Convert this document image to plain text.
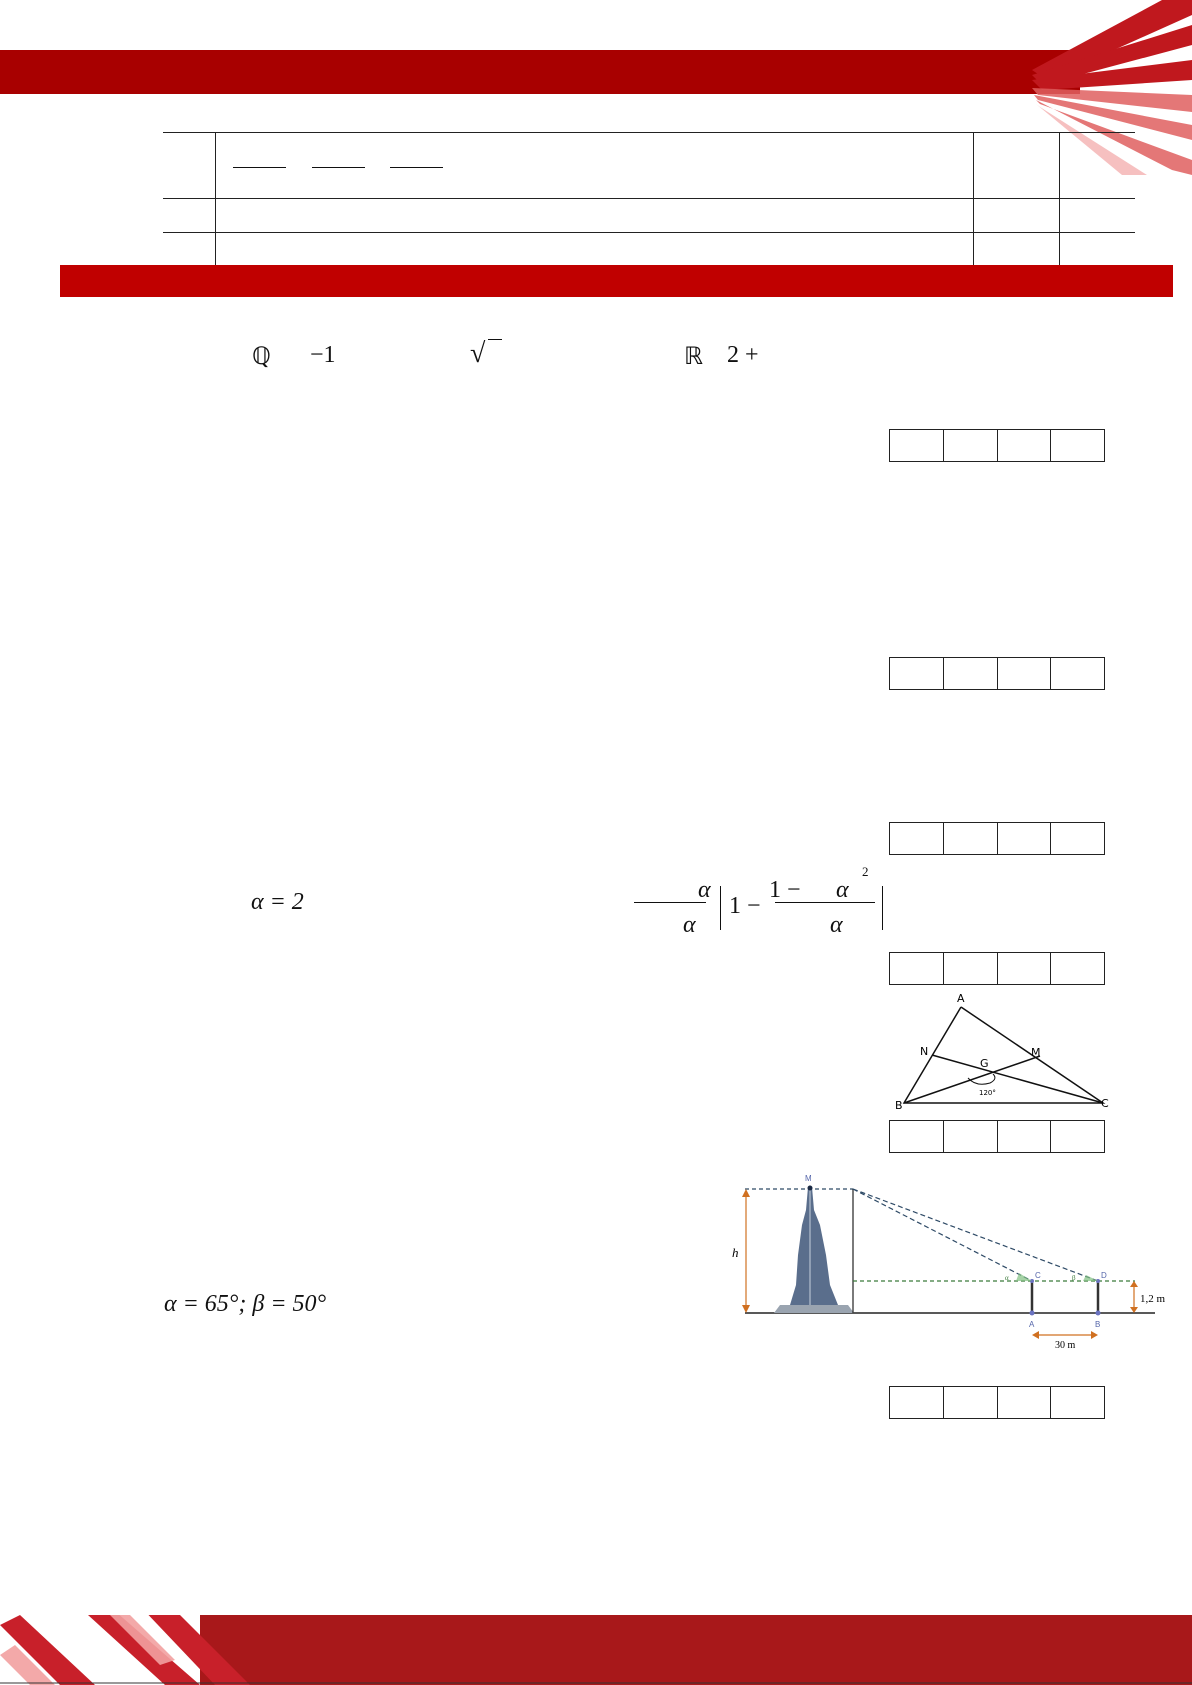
ℚ −1	√	ℝ 2 +
α = 2	α
α
1 −
1 − α
2
α
A
B	C
M
N
G
120°
α = 65°; β = 50°
M
h
C	D
α	β
A	B
30 m
1,2 m
